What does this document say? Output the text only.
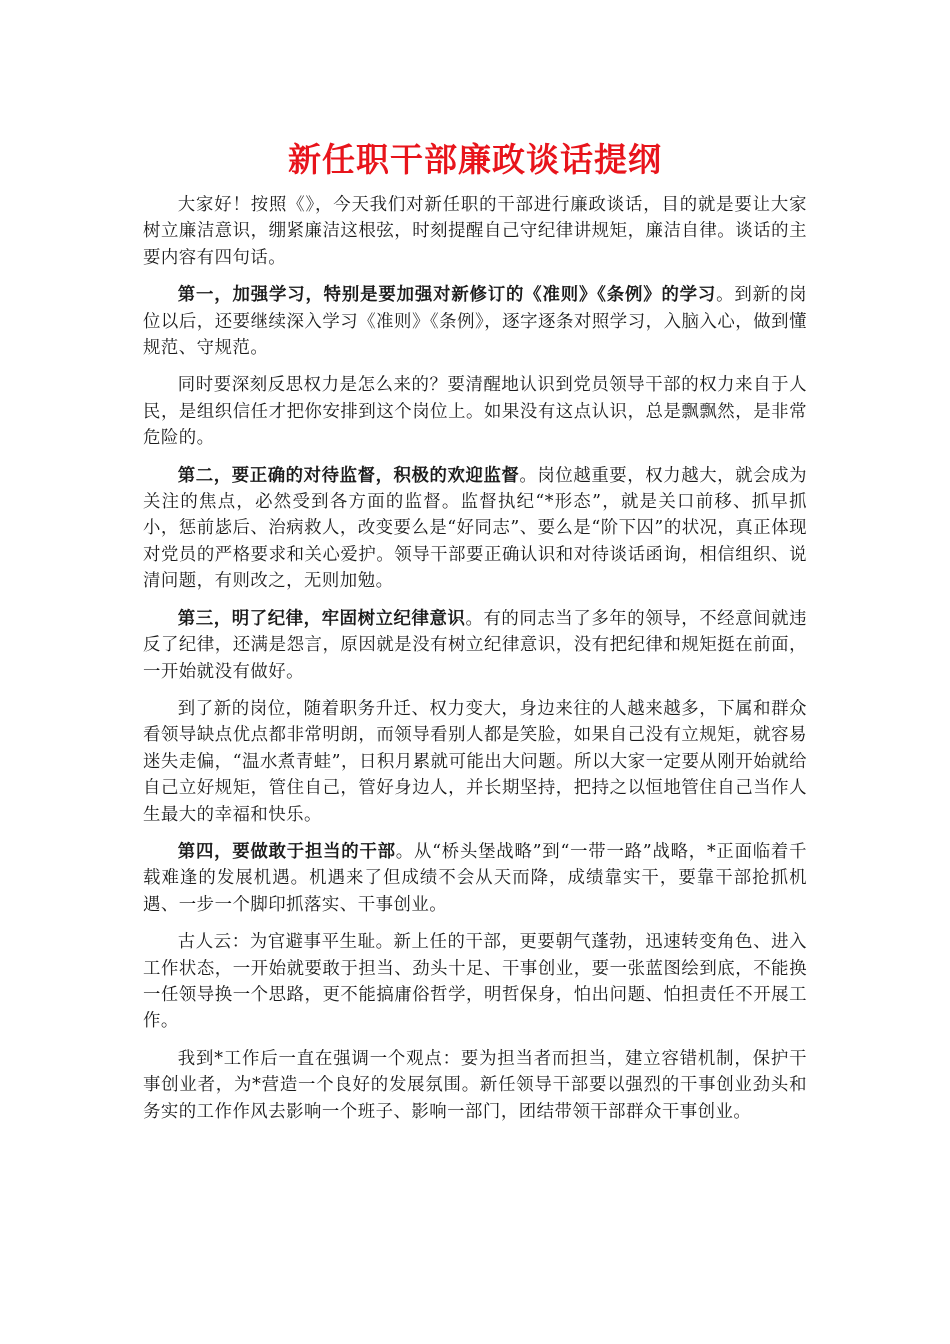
新任职干部廉政谈话提纲

大家好！按照《》，今天我们对新任职的干部进行廉政谈话，目的就是要让大家树立廉洁意识，绷紧廉洁这根弦，时刻提醒自己守纪律讲规矩，廉洁自律。谈话的主要内容有四句话。

第一，加强学习，特别是要加强对新修订的《准则》《条例》的学习。到新的岗位以后，还要继续深入学习《准则》《条例》，逐字逐条对照学习，入脑入心，做到懂规范、守规范。

同时要深刻反思权力是怎么来的？要清醒地认识到党员领导干部的权力来自于人民，是组织信任才把你安排到这个岗位上。如果没有这点认识，总是飘飘然，是非常危险的。

第二，要正确的对待监督，积极的欢迎监督。岗位越重要，权力越大，就会成为关注的焦点，必然受到各方面的监督。监督执纪“*形态”，就是关口前移、抓早抓小，惩前毖后、治病救人，改变要么是“好同志”、要么是“阶下囚”的状况，真正体现对党员的严格要求和关心爱护。领导干部要正确认识和对待谈话函询，相信组织、说清问题，有则改之，无则加勉。

第三，明了纪律，牢固树立纪律意识。有的同志当了多年的领导，不经意间就违反了纪律，还满是怨言，原因就是没有树立纪律意识，没有把纪律和规矩挺在前面，一开始就没有做好。

到了新的岗位，随着职务升迁、权力变大，身边来往的人越来越多，下属和群众看领导缺点优点都非常明朗，而领导看别人都是笑脸，如果自己没有立规矩，就容易迷失走偏，“温水煮青蛙”，日积月累就可能出大问题。所以大家一定要从刚开始就给自己立好规矩，管住自己，管好身边人，并长期坚持，把持之以恒地管住自己当作人生最大的幸福和快乐。

第四，要做敢于担当的干部。从“桥头堡战略”到“一带一路”战略，*正面临着千载难逢的发展机遇。机遇来了但成绩不会从天而降，成绩靠实干，要靠干部抢抓机遇、一步一个脚印抓落实、干事创业。

古人云：为官避事平生耻。新上任的干部，更要朝气蓬勃，迅速转变角色、进入工作状态，一开始就要敢于担当、劲头十足、干事创业，要一张蓝图绘到底，不能换一任领导换一个思路，更不能搞庸俗哲学，明哲保身，怕出问题、怕担责任不开展工作。

我到*工作后一直在强调一个观点：要为担当者而担当，建立容错机制，保护干事创业者，为*营造一个良好的发展氛围。新任领导干部要以强烈的干事创业劲头和务实的工作作风去影响一个班子、影响一部门，团结带领干部群众干事创业。
